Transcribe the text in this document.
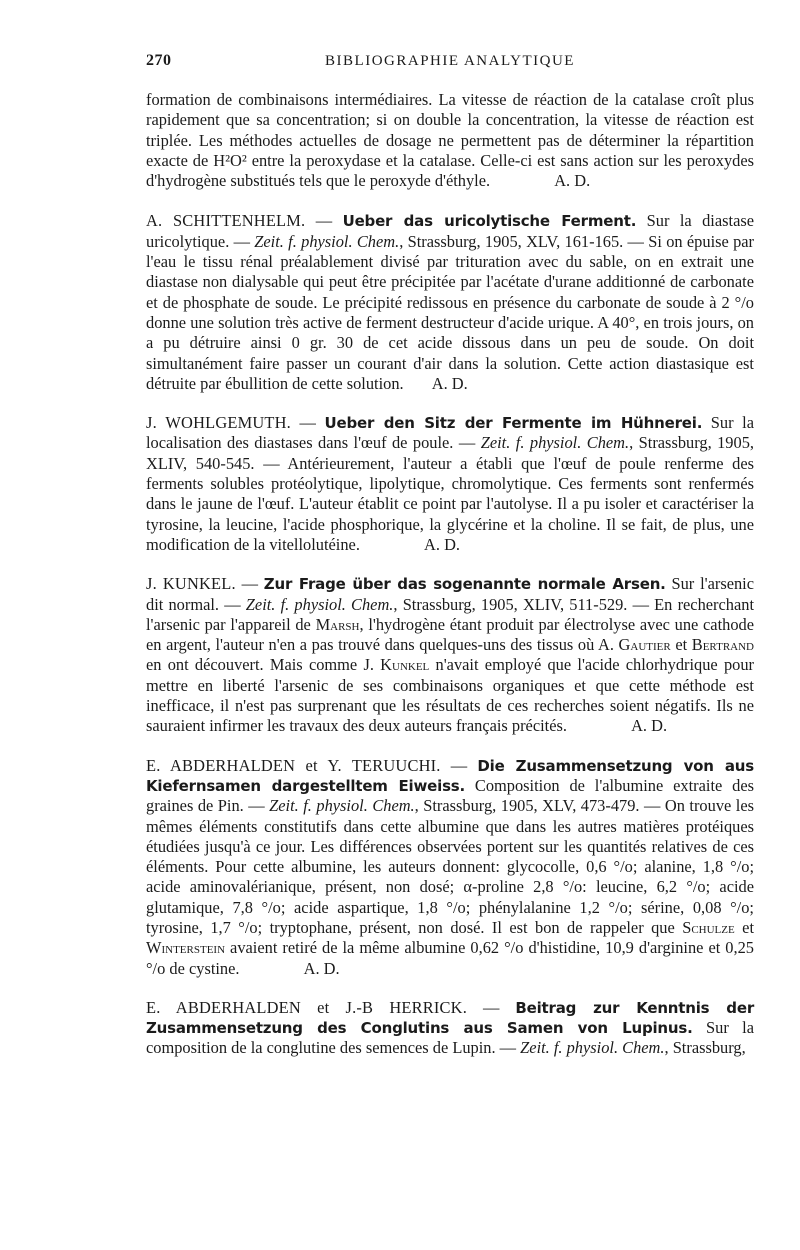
270	BIBLIOGRAPHIE ANALYTIQUE

formation de combinaisons intermédiaires. La vitesse de réaction de la catalase croît plus rapidement que sa concentration; si on double la concentration, la vitesse de réaction est triplée. Les méthodes actuelles de dosage ne permettent pas de déterminer la répartition exacte de H²O² entre la peroxydase et la catalase. Celle-ci est sans action sur les peroxydes d'hydrogène substitués tels que le peroxyde d'éthyle.	A. D.

A. SCHITTENHELM. — Ueber das uricolytische Ferment. Sur la diastase uricolytique. — Zeit. f. physiol. Chem., Strassburg, 1905, XLV, 161-165. — Si on épuise par l'eau le tissu rénal préalablement divisé par trituration avec du sable, on en extrait une diastase non dialysable qui peut être précipitée par l'acétate d'urane additionné de carbonate et de phosphate de soude. Le précipité redissous en présence du carbonate de soude à 2 °/o donne une solution très active de ferment destructeur d'acide urique. A 40°, en trois jours, on a pu détruire ainsi 0 gr. 30 de cet acide dissous dans un peu de soude. On doit simultanément faire passer un courant d'air dans la solution. Cette action diastasique est détruite par ébullition de cette solution. A. D.

J. WOHLGEMUTH. — Ueber den Sitz der Fermente im Hühnerei. Sur la localisation des diastases dans l'œuf de poule. — Zeit. f. physiol. Chem., Strassburg, 1905, XLIV, 540-545. — Antérieurement, l'auteur a établi que l'œuf de poule renferme des ferments solubles protéolytique, lipolytique, chromolytique. Ces ferments sont renfermés dans le jaune de l'œuf. L'auteur établit ce point par l'autolyse. Il a pu isoler et caractériser la tyrosine, la leucine, l'acide phosphorique, la glycérine et la choline. Il se fait, de plus, une modification de la vitellolutéine.	A. D.

J. KUNKEL. — Zur Frage über das sogenannte normale Arsen. Sur l'arsenic dit normal. — Zeit. f. physiol. Chem., Strassburg, 1905, XLIV, 511-529. — En recherchant l'arsenic par l'appareil de Marsh, l'hydrogène étant produit par électrolyse avec une cathode en argent, l'auteur n'en a pas trouvé dans quelques-uns des tissus où A. Gautier et Bertrand en ont découvert. Mais comme J. Kunkel n'avait employé que l'acide chlorhydrique pour mettre en liberté l'arsenic de ses combinaisons organiques et que cette méthode est inefficace, il n'est pas surprenant que les résultats de ces recherches soient négatifs. Ils ne sauraient infirmer les travaux des deux auteurs français précités.	A. D.

E. ABDERHALDEN et Y. TERUUCHI. — Die Zusammensetzung von aus Kiefernsamen dargestelltem Eiweiss. Composition de l'albumine extraite des graines de Pin. — Zeit. f. physiol. Chem., Strassburg, 1905, XLV, 473-479. — On trouve les mêmes éléments constitutifs dans cette albumine que dans les autres matières protéiques étudiées jusqu'à ce jour. Les différences observées portent sur les quantités relatives de ces éléments. Pour cette albumine, les auteurs donnent: glycocolle, 0,6 °/o; alanine, 1,8 °/o; acide aminovalérianique, présent, non dosé; α-proline 2,8 °/o: leucine, 6,2 °/o; acide glutamique, 7,8 °/o; acide aspartique, 1,8 °/o; phénylalanine 1,2 °/o; sérine, 0,08 °/o; tyrosine, 1,7 °/o; tryptophane, présent, non dosé. Il est bon de rappeler que Schulze et Winterstein avaient retiré de la même albumine 0,62 °/o d'histidine, 10,9 d'arginine et 0,25 °/o de cystine.	A. D.

E. ABDERHALDEN et J.-B HERRICK. — Beitrag zur Kenntnis der Zusammensetzung des Conglutins aus Samen von Lupinus. Sur la composition de la conglutine des semences de Lupin. — Zeit. f. physiol. Chem., Strassburg,
